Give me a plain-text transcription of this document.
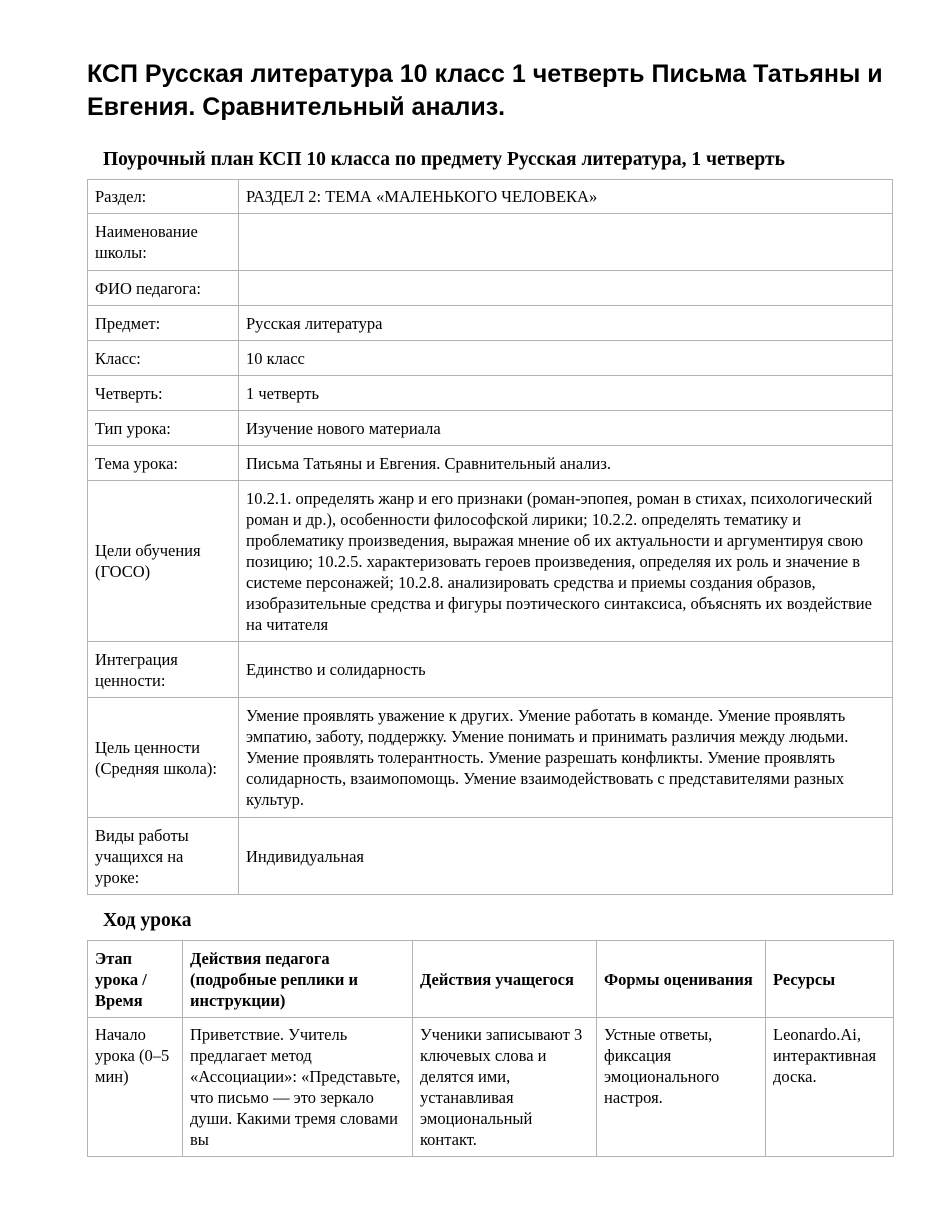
КСП Русская литература 10 класс 1 четверть Письма Татьяны и Евгения. Сравнительный анализ.
Поурочный план КСП 10 класса по предмету Русская литература, 1 четверть
Раздел:	РАЗДЕЛ 2: ТЕМА «МАЛЕНЬКОГО ЧЕЛОВЕКА»
Наименование школы:	
ФИО педагога:	
Предмет:	Русская литература
Класс:	10 класс
Четверть:	1 четверть
Тип урока:	Изучение нового материала
Тема урока:	Письма Татьяны и Евгения. Сравнительный анализ.
Цели обучения (ГОСО)	10.2.1. определять жанр и его признаки (роман-эпопея, роман в стихах, психологический роман и др.), особенности философской лирики; 10.2.2. определять тематику и проблематику произведения, выражая мнение об их актуальности и аргументируя свою позицию; 10.2.5. характеризовать героев произведения, определяя их роль и значение в системе персонажей; 10.2.8. анализировать средства и приемы создания образов, изобразительные средства и фигуры поэтического синтаксиса, объяснять их воздействие на читателя
Интеграция ценности:	Единство и солидарность
Цель ценности (Средняя школа):	Умение проявлять уважение к других. Умение работать в команде. Умение проявлять эмпатию, заботу, поддержку. Умение понимать и принимать различия между людьми. Умение проявлять толерантность. Умение разрешать конфликты. Умение проявлять солидарность, взаимопомощь. Умение взаимодействовать с представителями разных культур.
Виды работы учащихся на уроке:	Индивидуальная
Ход урока
Этап урока / Время	Действия педагога (подробные реплики и инструкции)	Действия учащегося	Формы оценивания	Ресурсы
Начало урока (0–5 мин)	Приветствие. Учитель предлагает метод «Ассоциации»: «Представьте, что письмо — это зеркало души. Какими тремя словами вы	Ученики записывают 3 ключевых слова и делятся ими, устанавливая эмоциональный контакт.	Устные ответы, фиксация эмоционального настроя.	Leonardo.Ai, интерактивная доска.
